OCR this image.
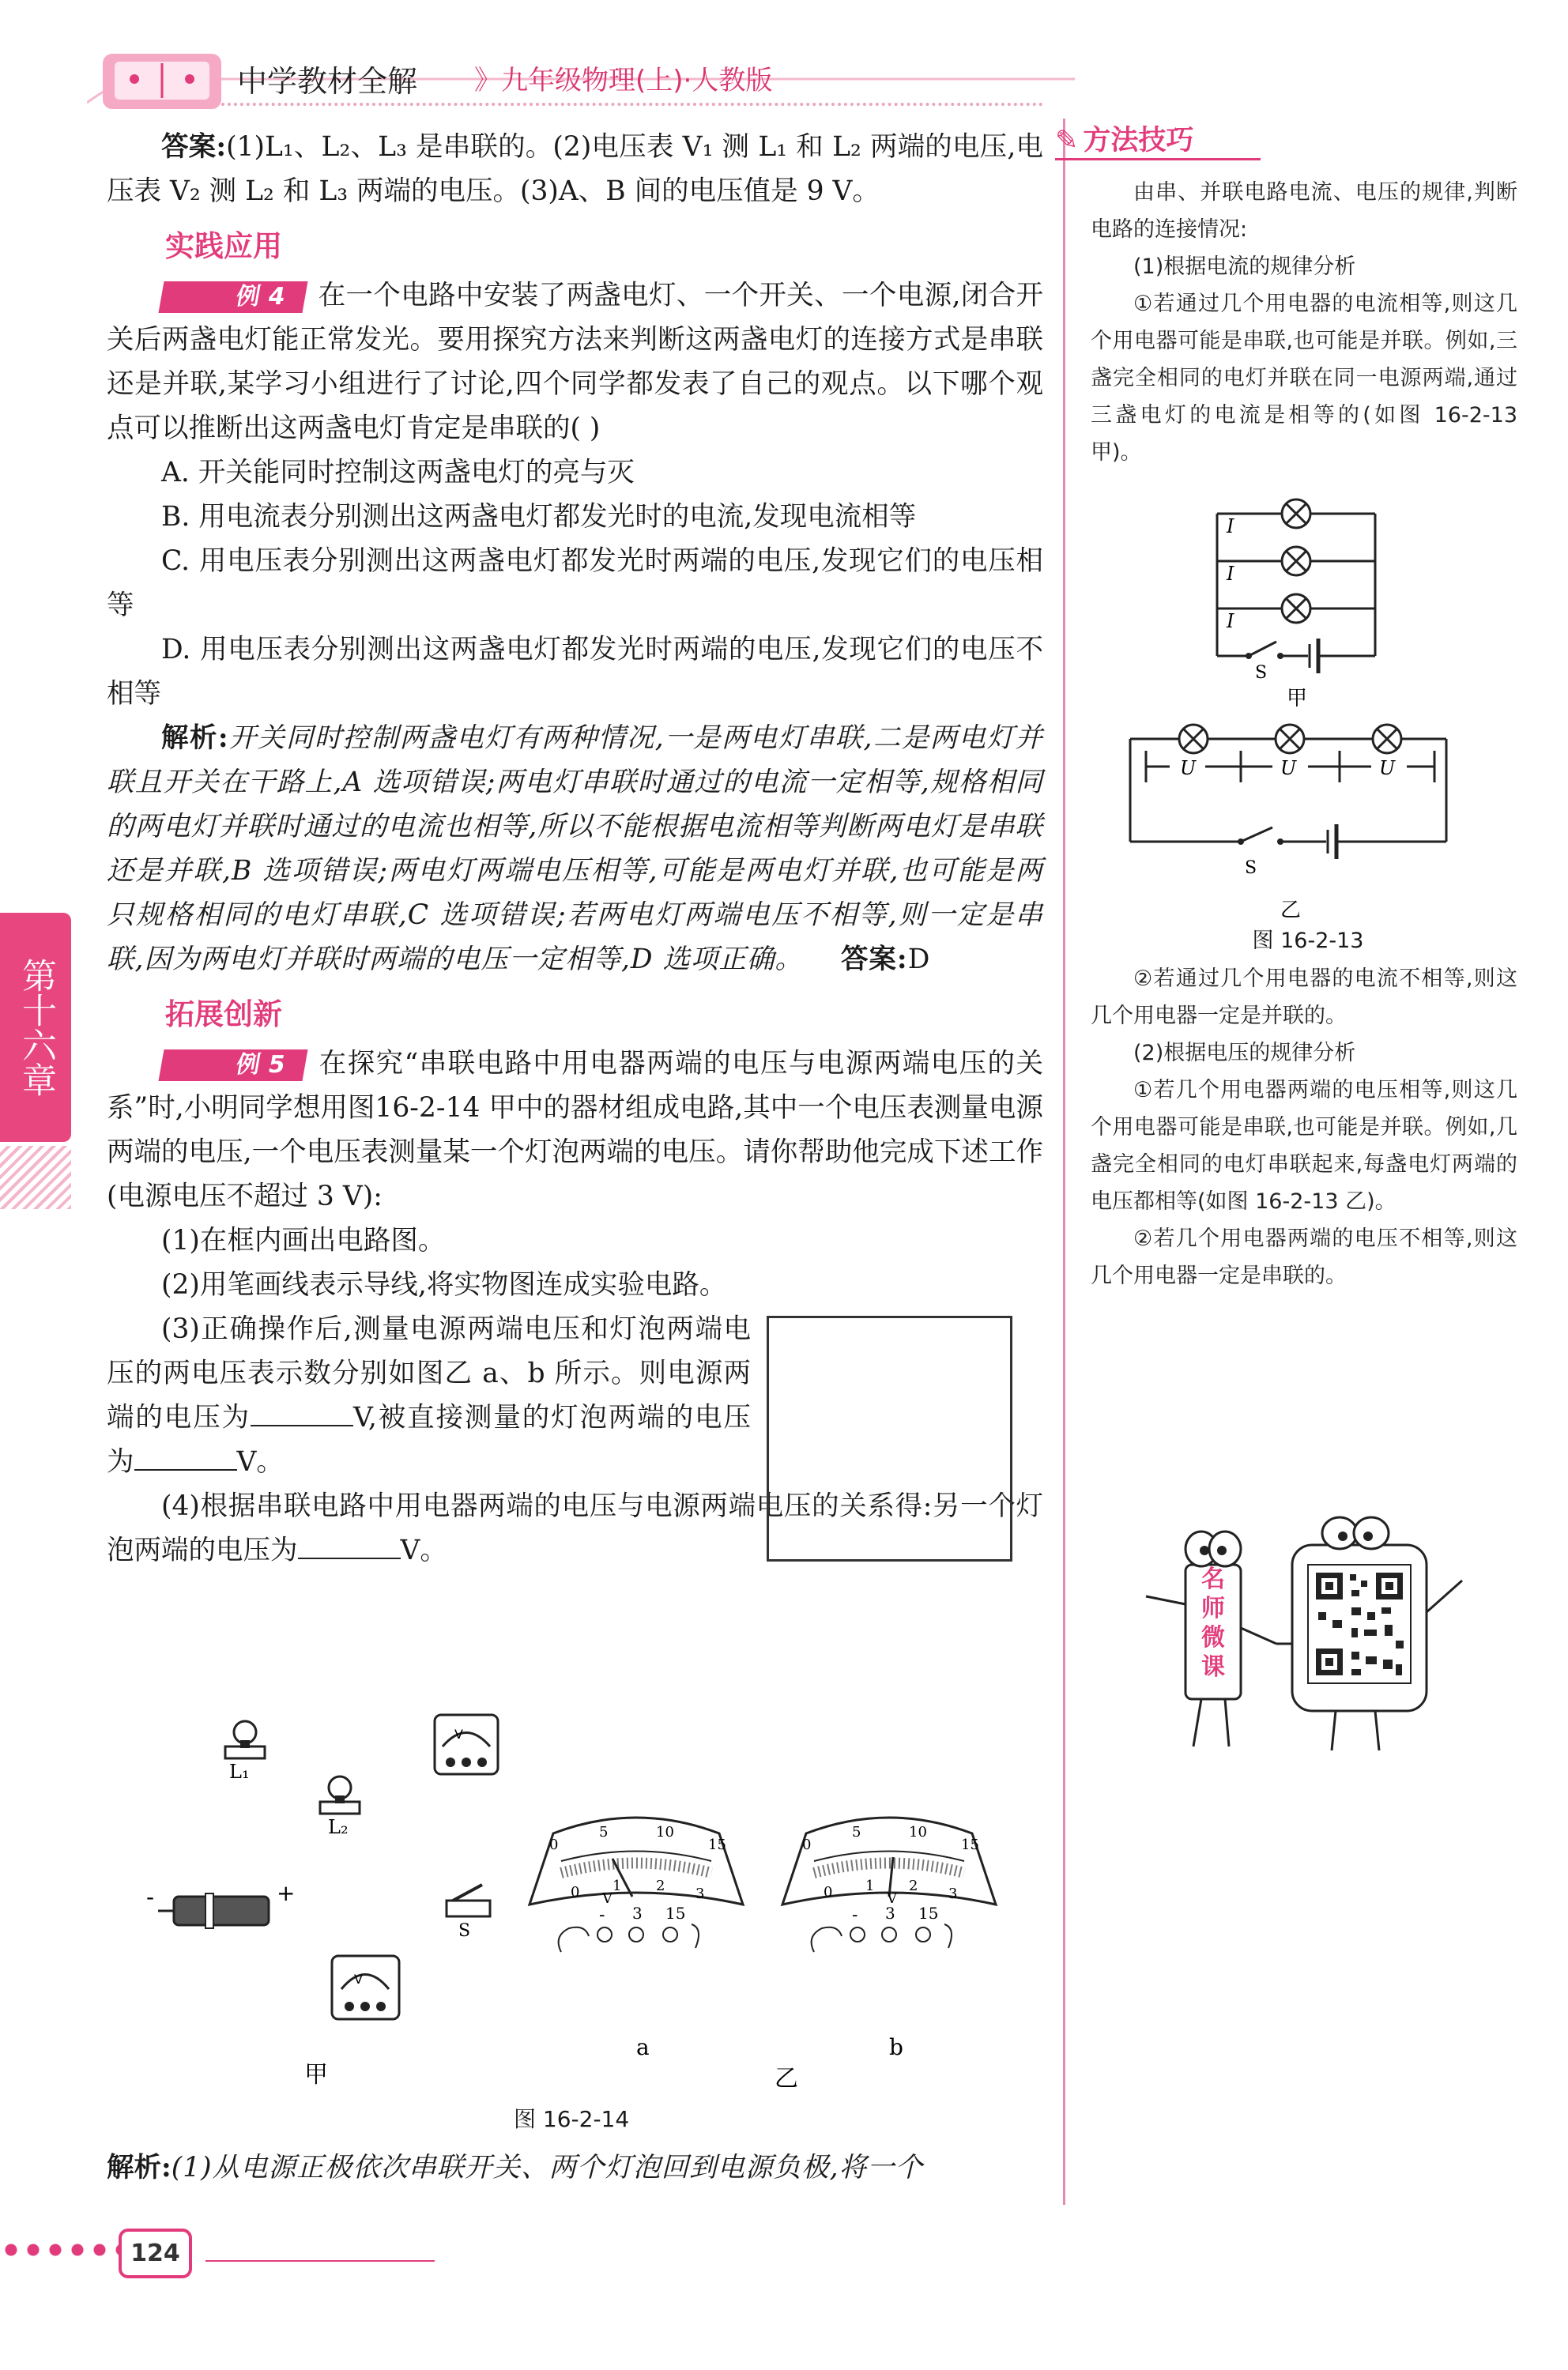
中学教材全解 》九年级物理(上)·人教版
第十六章

答案:(1)L₁、L₂、L₃ 是串联的。(2)电压表 V₁ 测 L₁ 和 L₂ 两端的电压,电压表 V₂ 测 L₂ 和 L₃ 两端的电压。(3)A、B 间的电压值是 9 V。

实践应用

例 4 在一个电路中安装了两盏电灯、一个开关、一个电源,闭合开关后两盏电灯能正常发光。要用探究方法来判断这两盏电灯的连接方式是串联还是并联,某学习小组进行了讨论,四个同学都发表了自己的观点。以下哪个观点可以推断出这两盏电灯肯定是串联的( )

A. 开关能同时控制这两盏电灯的亮与灭

B. 用电流表分别测出这两盏电灯都发光时的电流,发现电流相等

C. 用电压表分别测出这两盏电灯都发光时两端的电压,发现它们的电压相等

D. 用电压表分别测出这两盏电灯都发光时两端的电压,发现它们的电压不相等

解析:开关同时控制两盏电灯有两种情况,一是两电灯串联,二是两电灯并联且开关在干路上,A 选项错误;两电灯串联时通过的电流一定相等,规格相同的两电灯并联时通过的电流也相等,所以不能根据电流相等判断两电灯是串联还是并联,B 选项错误;两电灯两端电压相等,可能是两电灯并联,也可能是两只规格相同的电灯串联,C 选项错误;若两电灯两端电压不相等,则一定是串联,因为两电灯并联时两端的电压一定相等,D 选项正确。 答案:D

拓展创新

例 5 在探究“串联电路中用电器两端的电压与电源两端电压的关系”时,小明同学想用图16-2-14 甲中的器材组成电路,其中一个电压表测量电源两端的电压,一个电压表测量某一个灯泡两端的电压。请你帮助他完成下述工作(电源电压不超过 3 V):

(1)在框内画出电路图。

(2)用笔画线表示导线,将实物图连成实验电路。

(3)正确操作后,测量电源两端电压和灯泡两端电压的两电压表示数分别如图乙 a、b 所示。则电源两端的电压为	V,被直接测量的灯泡两端的电压为	V。

(4)根据串联电路中用电器两端的电压与电源两端电压的关系得:另一个灯泡两端的电压为	V。

L₁
L₂
V
-	+
S
V
0
5	10
15
0 1 2 3
V
- 3 15
a
0
5	10
15
0 1 2 3
V
- 3 15
b
甲	乙
图 16-2-14
解析:(1)从电源正极依次串联开关、两个灯泡回到电源负极,将一个
✎ 方法技巧

由串、并联电路电流、电压的规律,判断电路的连接情况:

(1)根据电流的规律分析

①若通过几个用电器的电流相等,则这几个用电器可能是串联,也可能是并联。例如,三盏完全相同的电灯并联在同一电源两端,通过三盏电灯的电流是相等的(如图 16-2-13 甲)。

I
I
I
S
甲
U	U	U
S
乙
图 16-2-13

②若通过几个用电器的电流不相等,则这几个用电器一定是并联的。

(2)根据电压的规律分析

①若几个用电器两端的电压相等,则这几个用电器可能是串联,也可能是并联。例如,几盏完全相同的电灯串联起来,每盏电灯两端的电压都相等(如图 16-2-13 乙)。

②若几个用电器两端的电压不相等,则这几个用电器一定是串联的。

名
师
微
课
124
